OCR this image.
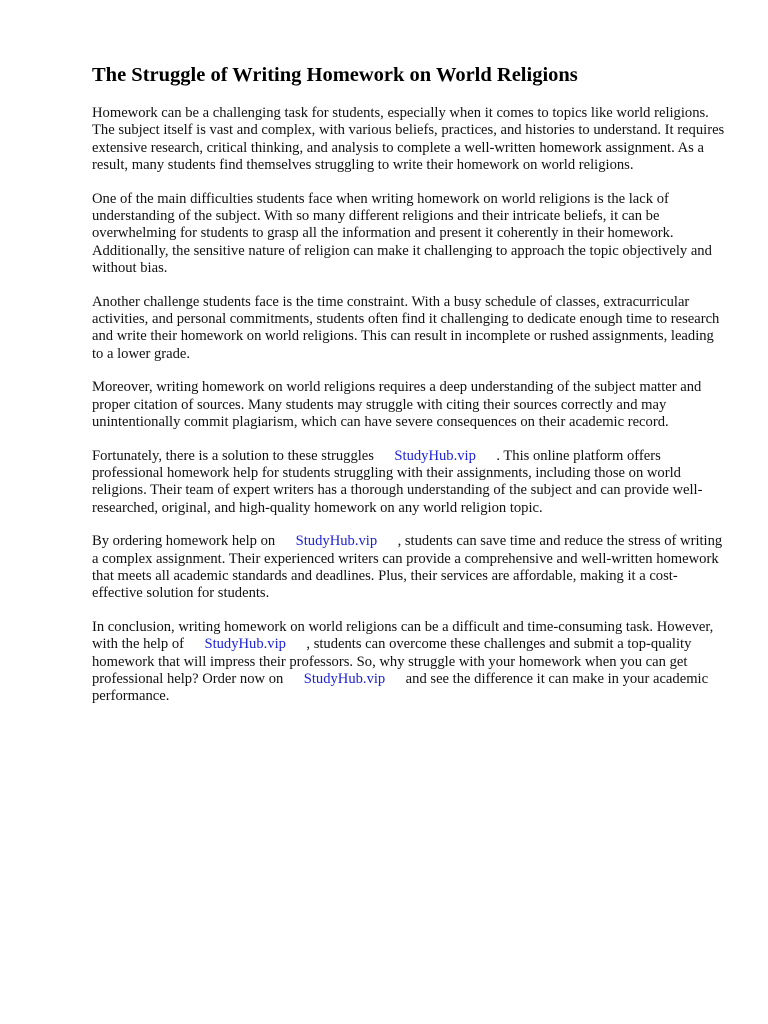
The Struggle of Writing Homework on World Religions

Homework can be a challenging task for students, especially when it comes to topics like world religions. The subject itself is vast and complex, with various beliefs, practices, and histories to understand. It requires extensive research, critical thinking, and analysis to complete a well-written homework assignment. As a result, many students find themselves struggling to write their homework on world religions.

One of the main difficulties students face when writing homework on world religions is the lack of understanding of the subject. With so many different religions and their intricate beliefs, it can be overwhelming for students to grasp all the information and present it coherently in their homework. Additionally, the sensitive nature of religion can make it challenging to approach the topic objectively and without bias.

Another challenge students face is the time constraint. With a busy schedule of classes, extracurricular activities, and personal commitments, students often find it challenging to dedicate enough time to research and write their homework on world religions. This can result in incomplete or rushed assignments, leading to a lower grade.

Moreover, writing homework on world religions requires a deep understanding of the subject matter and proper citation of sources. Many students may struggle with citing their sources correctly and may unintentionally commit plagiarism, which can have severe consequences on their academic record.

Fortunately, there is a solution to these struggles StudyHub.vip . This online platform offers professional homework help for students struggling with their assignments, including those on world religions. Their team of expert writers has a thorough understanding of the subject and can provide well-researched, original, and high-quality homework on any world religion topic.

By ordering homework help on StudyHub.vip , students can save time and reduce the stress of writing a complex assignment. Their experienced writers can provide a comprehensive and well-written homework that meets all academic standards and deadlines. Plus, their services are affordable, making it a cost-effective solution for students.

In conclusion, writing homework on world religions can be a difficult and time-consuming task. However, with the help of StudyHub.vip , students can overcome these challenges and submit a top-quality homework that will impress their professors. So, why struggle with your homework when you can get professional help? Order now on StudyHub.vip and see the difference it can make in your academic performance.
